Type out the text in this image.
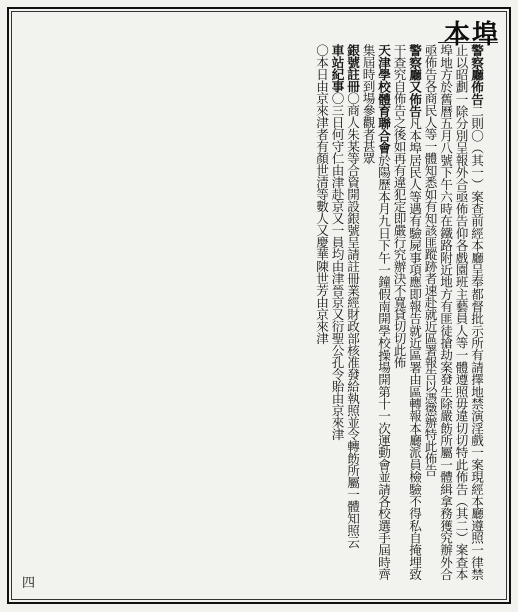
本埠
警察廳佈告二則〇（其一）案查前經本廳呈奉都督批示所有請擇地禁演淫戲一案現經本廳遵照一律禁止以昭劃一除分別呈報外合亟佈告仰各戲園班主藝員人等一體遵照毋違切切特此佈告（其二）案查本埠地方於舊曆五月八號下午六時在鐵路附近地方有匪徒搶劫案發生除嚴飭所屬一體緝拿務獲究辦外合亟佈告各商民人等一體知悉如有知該匪蹤跡者速赴就近區署報告以憑懲辦特此佈告
警察廳又佈告凡本埠居民人等遇有驗屍事項應即報告就近區署由區轉報本廳派員檢驗不得私自掩埋致干查究自佈告之後如再有違犯定即嚴行究辦決不寬貸切切此佈
天津學校體育聯合會於陽歷本月九日下午一鐘假南開學校操場開第十一次運動會並請各校選手屆時齊集屆時到場參觀者甚眾
銀號註冊〇商人朱某等合資開設銀號呈請註冊業經財政部核准發給執照並令轉飭所屬一體知照云
車站紀事〇三日何守仁由津赴京又一員均由津晉京又衍聖公孔令貽由京來津
〇本日由京來津者有顏世清等數人又慶華陳世芳由京來津
四
